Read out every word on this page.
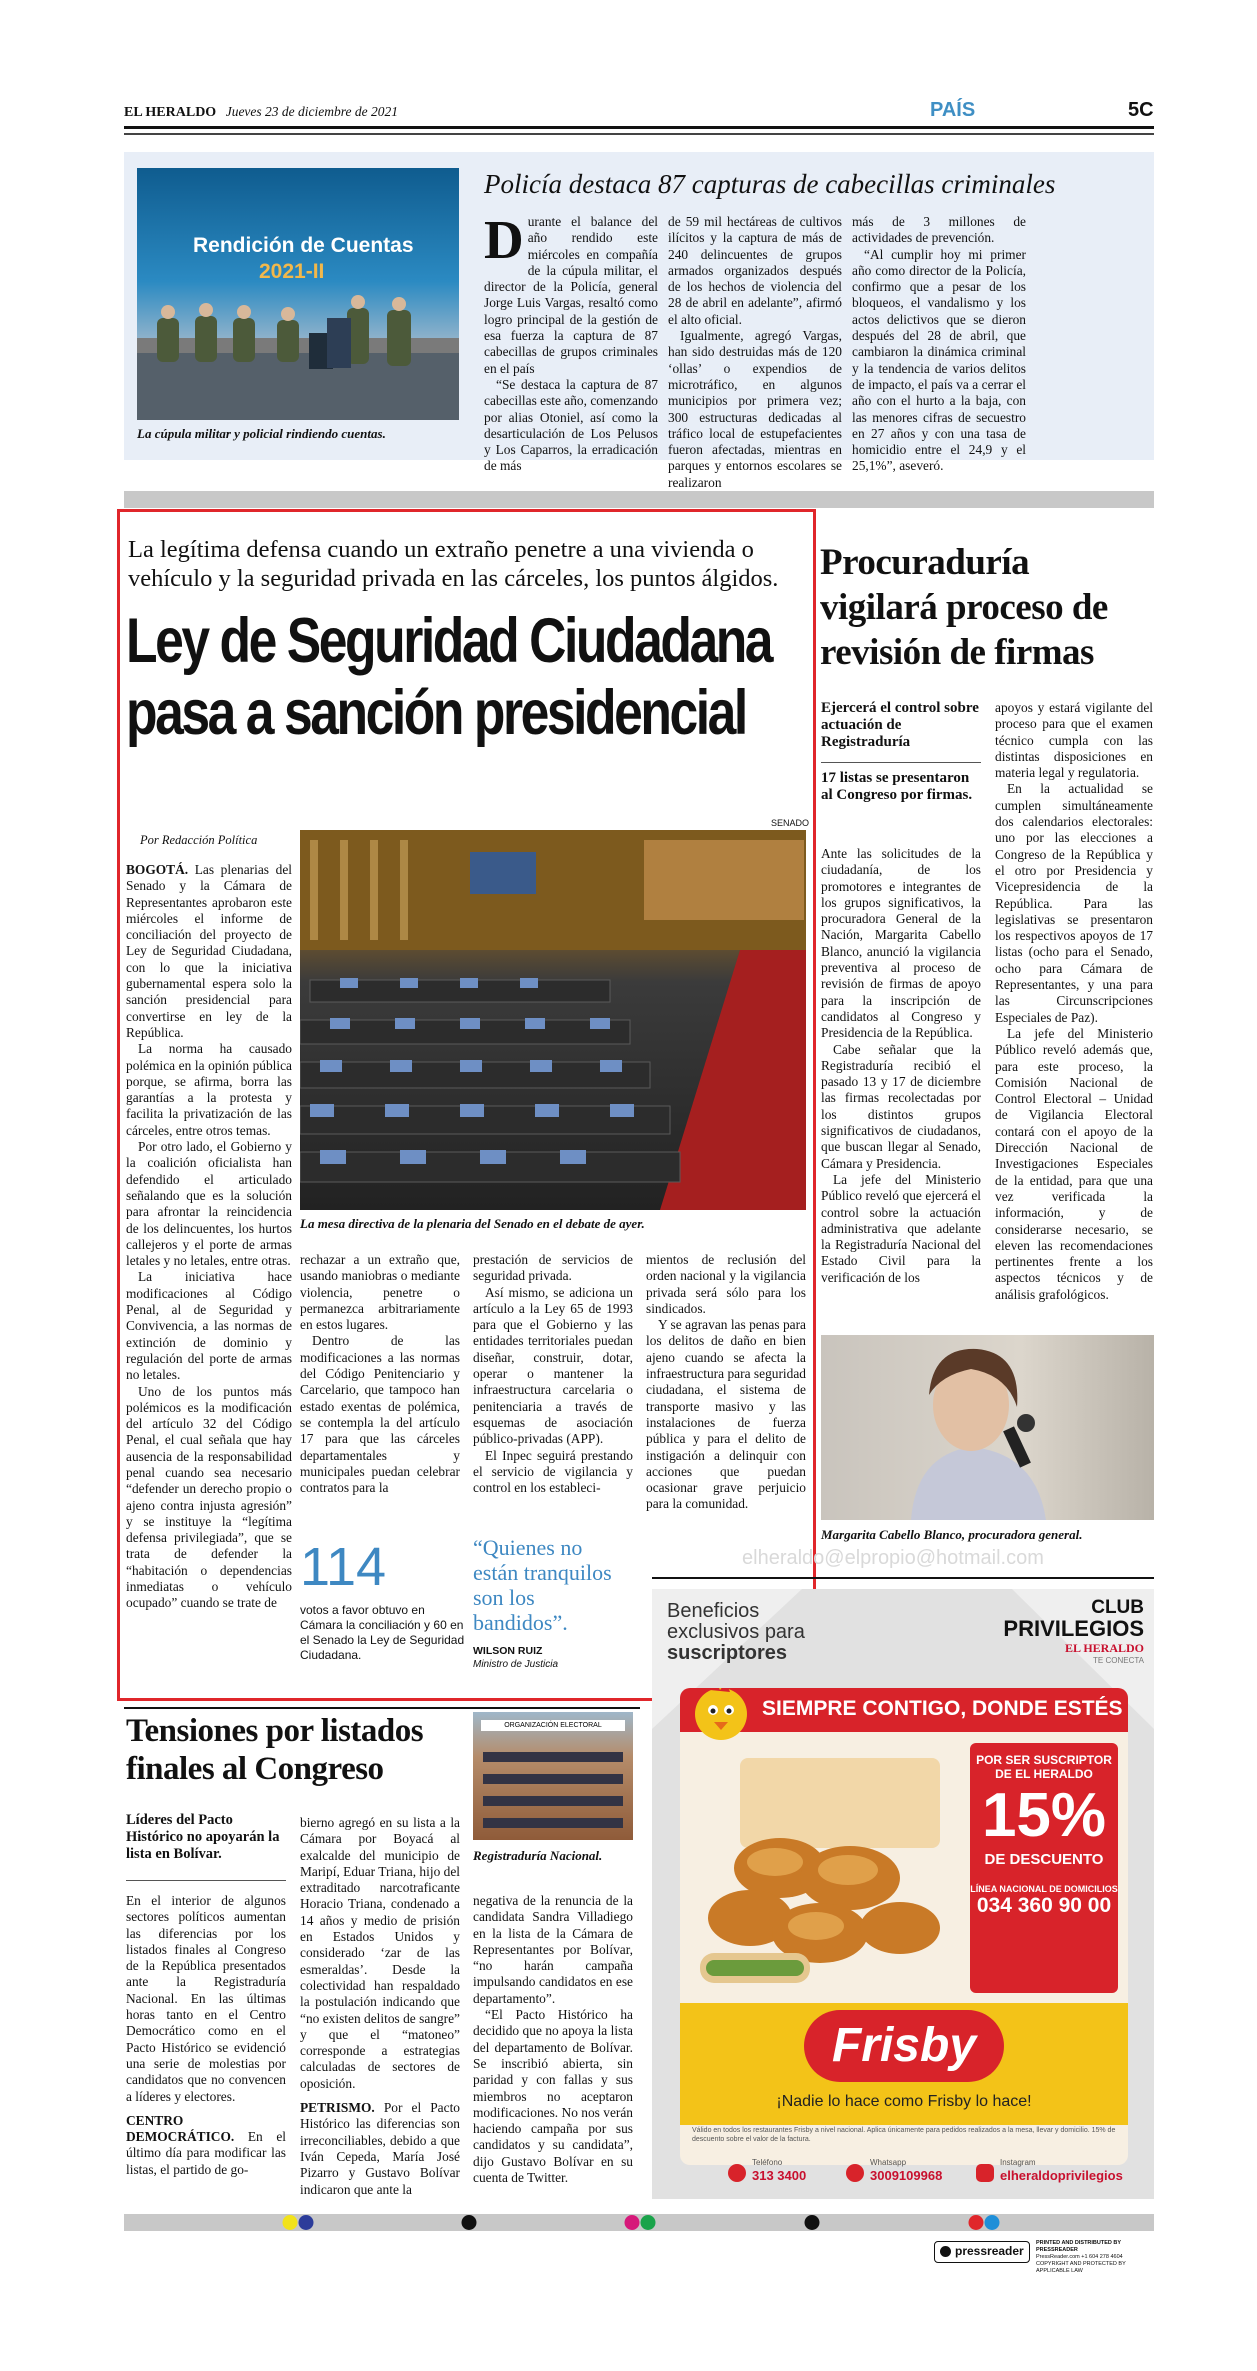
EL HERALDO Jueves 23 de diciembre de 2021	PAÍS	5C
Rendición de Cuentas
2021-II
La cúpula militar y policial rindiendo cuentas.
Policía destaca 87 capturas de cabecillas criminales

Durante el balance del año rendido este miércoles en compañía de la cúpula militar, el director de la Policía, general Jorge Luis Vargas, resaltó como logro principal de la gestión de esa fuerza la captura de 87 cabecillas de grupos criminales en el país

“Se destaca la captura de 87 cabecillas este año, comenzando por alias Otoniel, así como la desarticulación de Los Pelusos y Los Caparros, la erradicación de más

de 59 mil hectáreas de cultivos ilícitos y la captura de más de 240 delincuentes de grupos armados organizados después de los hechos de violencia del 28 de abril en adelante”, afirmó el alto oficial.

Igualmente, agregó Vargas, han sido destruidas más de 120 ‘ollas’ o expendios de microtráfico, en algunos municipios por primera vez; 300 estructuras dedicadas al tráfico local de estupefacientes fueron afectadas, mientras en parques y entornos escolares se realizaron

más de 3 millones de actividades de prevención.

“Al cumplir hoy mi primer año como director de la Policía, confirmo que a pesar de los bloqueos, el vandalismo y los actos delictivos que se dieron después del 28 de abril, que cambiaron la dinámica criminal y la tendencia de varios delitos de impacto, el país va a cerrar el año con el hurto a la baja, con las menores cifras de secuestro en 27 años y con una tasa de homicidio entre el 24,9 y el 25,1%”, aseveró.

La legítima defensa cuando un extraño penetre a una vivienda o vehículo y la seguridad privada en las cárceles, los puntos álgidos.
Ley de Seguridad Ciudadana
pasa a sanción presidencial
Por Redacción Política
SENADO
La mesa directiva de la plenaria del Senado en el debate de ayer.

BOGOTÁ. Las plenarias del Senado y la Cámara de Representantes aprobaron este miércoles el informe de conciliación del proyecto de Ley de Seguridad Ciudadana, con lo que la iniciativa gubernamental espera solo la sanción presidencial para convertirse en ley de la República.

La norma ha causado polémica en la opinión pública porque, se afirma, borra las garantías a la protesta y facilita la privatización de las cárceles, entre otros temas.

Por otro lado, el Gobierno y la coalición oficialista han defendido el articulado señalando que es la solución para afrontar la reincidencia de los delincuentes, los hurtos callejeros y el porte de armas letales y no letales, entre otras.

La iniciativa hace modificaciones al Código Penal, al de Seguridad y Convivencia, a las normas de extinción de dominio y regulación del porte de armas no letales.

Uno de los puntos más polémicos es la modificación del artículo 32 del Código Penal, el cual señala que hay ausencia de la responsabilidad penal cuando sea necesario “defender un derecho propio o ajeno contra injusta agresión” y se instituye la “legítima defensa privilegiada”, que se trata de defender la “habitación o dependencias inmediatas o vehículo ocupado” cuando se trate de

rechazar a un extraño que, usando maniobras o mediante violencia, penetre o permanezca arbitrariamente en estos lugares.

Dentro de las modificaciones a las normas del Código Penitenciario y Carcelario, que tampoco han estado exentas de polémica, se contempla la del artículo 17 para que las cárceles departamentales y municipales puedan celebrar contratos para la

prestación de servicios de seguridad privada.

Así mismo, se adiciona un artículo a la Ley 65 de 1993 para que el Gobierno y las entidades territoriales puedan diseñar, construir, dotar, operar o mantener la infraestructura carcelaria o penitenciaria a través de esquemas de asociación público-privadas (APP).

El Inpec seguirá prestando el servicio de vigilancia y control en los estableci-

mientos de reclusión del orden nacional y la vigilancia privada será sólo para los sindicados.

Y se agravan las penas para los delitos de daño en bien ajeno cuando se afecta la infraestructura para seguridad ciudadana, el sistema de transporte masivo y las instalaciones de fuerza pública y para el delito de instigación a delinquir con acciones que puedan ocasionar grave perjuicio para la comunidad.

114
votos a favor obtuvo en Cámara la conciliación y 60 en el Senado la Ley de Seguridad Ciudadana.
“Quienes no están tranquilos son los bandidos”.
WILSON RUIZ
Ministro de Justicia
Procuraduría vigilará proceso de revisión de firmas
Ejercerá el control sobre actuación de Registraduría
17 listas se presentaron al Congreso por firmas.

Ante las solicitudes de la ciudadanía, de los promotores e integrantes de los grupos significativos, la procuradora General de la Nación, Margarita Cabello Blanco, anunció la vigilancia preventiva al proceso de revisión de firmas de apoyo para la inscripción de candidatos al Congreso y Presidencia de la República.

Cabe señalar que la Registraduría recibió el pasado 13 y 17 de diciembre las firmas recolectadas por los distintos grupos significativos de ciudadanos, que buscan llegar al Senado, Cámara y Presidencia.

La jefe del Ministerio Público reveló que ejercerá el control sobre la actuación administrativa que adelante la Registraduría Nacional del Estado Civil para la verificación de los

apoyos y estará vigilante del proceso para que el examen técnico cumpla con las distintas disposiciones en materia legal y regulatoria.

En la actualidad se cumplen simultáneamente dos calendarios electorales: uno por las elecciones a Congreso de la República y el otro por Presidencia y Vicepresidencia de la República. Para las legislativas se presentaron los respectivos apoyos de 17 listas (ocho para el Senado, ocho para Cámara de Representantes, y una para las Circunscripciones Especiales de Paz).

La jefe del Ministerio Público reveló además que, para este proceso, la Comisión Nacional de Control Electoral – Unidad de Vigilancia Electoral contará con el apoyo de la Dirección Nacional de Investigaciones Especiales de la entidad, para que una vez verificada la información, y de considerarse necesario, se eleven las recomendaciones pertinentes frente a los aspectos técnicos y de análisis grafológicos.

Margarita Cabello Blanco, procuradora general.
elheraldo@elpropio@hotmail.com
Beneficios
exclusivos para
suscriptores
CLUB
PRIVILEGIOS
EL HERALDO
TE CONECTA
SIEMPRE CONTIGO, DONDE ESTÉS
POR SER SUSCRIPTOR
DE EL HERALDO
15%
DE DESCUENTO
LÍNEA NACIONAL DE DOMICILIOS
034 360 90 00
Frisby
¡Nadie lo hace como Frisby lo hace!
Válido en todos los restaurantes Frisby a nivel nacional. Aplica únicamente para pedidos realizados a la mesa, llevar y domicilio. 15% de descuento sobre el valor de la factura.
Teléfono
313 3400
Whatsapp
3009109968
Instagram
elheraldoprivilegios
Tensiones por listados finales al Congreso
Líderes del Pacto Histórico no apoyarán la lista en Bolívar.

En el interior de algunos sectores políticos aumentan las diferencias por los listados finales al Congreso de la República presentados ante la Registraduría Nacional. En las últimas horas tanto en el Centro Democrático como en el Pacto Histórico se evidenció una serie de molestias por candidatos que no convencen a líderes y electores.

CENTRO DEMOCRÁTICO. En el último día para modificar las listas, el partido de go-

bierno agregó en su lista a la Cámara por Boyacá al exalcalde del municipio de Maripí, Eduar Triana, hijo del extraditado narcotraficante Horacio Triana, condenado a 14 años y medio de prisión en Estados Unidos y considerado ‘zar de las esmeraldas’. Desde la colectividad han respaldado la postulación indicando que “no existen delitos de sangre” y que el “matoneo” corresponde a estrategias calculadas de sectores de oposición.

PETRISMO. Por el Pacto Histórico las diferencias son irreconciliables, debido a que Iván Cepeda, María José Pizarro y Gustavo Bolívar indicaron que ante la

ORGANIZACIÓN ELECTORAL
Registraduría Nacional.

negativa de la renuncia de la candidata Sandra Villadiego en la lista de la Cámara de Representantes por Bolívar, “no harán campaña impulsando candidatos en ese departamento”.

“El Pacto Histórico ha decidido que no apoya la lista del departamento de Bolívar. Se inscribió abierta, sin paridad y con fallas y sus miembros no aceptaron modificaciones. No nos verán haciendo campaña por sus candidatos y su candidata”, dijo Gustavo Bolívar en su cuenta de Twitter.

pressreader
PRINTED AND DISTRIBUTED BY PRESSREADER
PressReader.com +1 604 278 4604
COPYRIGHT AND PROTECTED BY APPLICABLE LAW
